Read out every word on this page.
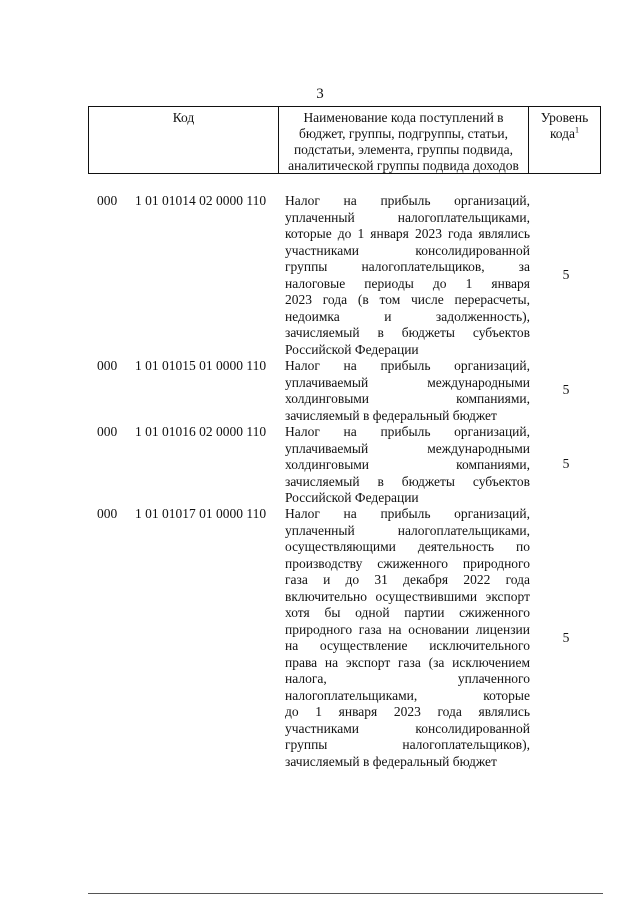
3
Код	Наименование кода поступлений в
бюджет, группы, подгруппы, статьи,
подстатьи, элемента, группы подвида,
аналитической группы подвида доходов
Уровень
кода$^1$
000 1 01 01014 02 0000 110 Налог на прибыль организаций,
уплаченный налогоплательщиками,
которые до 1 января 2023 года являлись
участниками консолидированной
группы налогоплательщиков, за
налоговые периоды до 1 января
2023 года (в том числе перерасчеты,
недоимка и задолженность),
зачисляемый в бюджеты субъектов
Российской Федерации
5
000 1 01 01015 01 0000 110 Налог на прибыль организаций,
уплачиваемый международными
холдинговыми компаниями,
зачисляемый в федеральный бюджет
5
000 1 01 01016 02 0000 110 Налог на прибыль организаций,
уплачиваемый международными
холдинговыми компаниями,
зачисляемый в бюджеты субъектов
Российской Федерации
5
000 1 01 01017 01 0000 110 Налог на прибыль организаций,
уплаченный налогоплательщиками,
осуществляющими деятельность по
производству сжиженного природного
газа и до 31 декабря 2022 года
включительно осуществившими экспорт
хотя бы одной партии сжиженного
природного газа на основании лицензии
на осуществление исключительного
права на экспорт газа (за исключением
налога, уплаченного
налогоплательщиками, которые
до 1 января 2023 года являлись
участниками консолидированной
группы налогоплательщиков),
зачисляемый в федеральный бюджет
5
